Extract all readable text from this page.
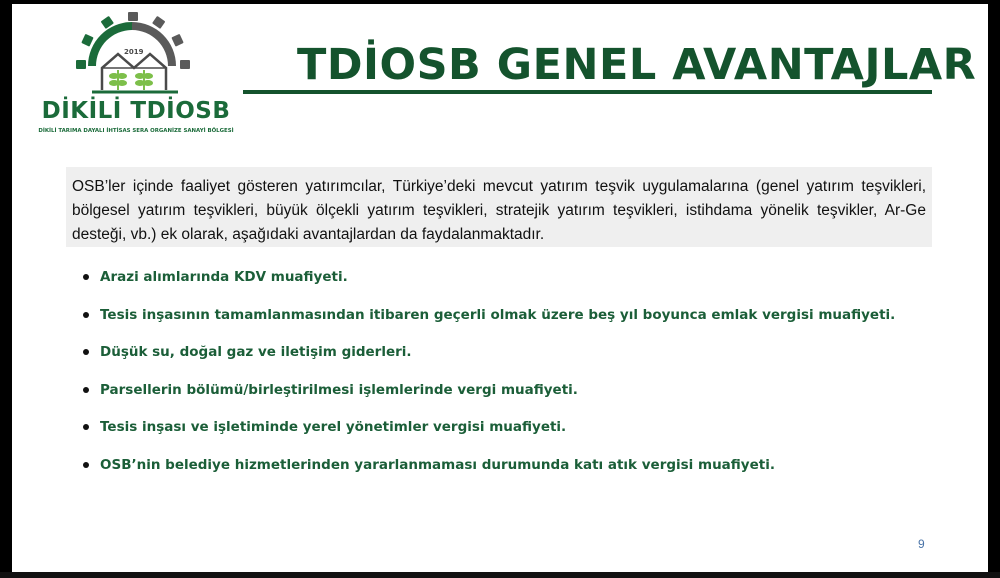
2019
DİKİLİ TDİOSB
DİKİLİ TARIMA DAYALI İHTİSAS SERA ORGANİZE SANAYİ BÖLGESİ
TDİOSB GENEL AVANTAJLAR

OSB’ler içinde faaliyet gösteren yatırımcılar, Türkiye’deki mevcut yatırım teşvik uygulamalarına (genel yatırım teşvikleri, bölgesel yatırım teşvikleri, büyük ölçekli yatırım teşvikleri, stratejik yatırım teşvikleri, istihdama yönelik teşvikler, Ar-Ge desteği, vb.) ek olarak, aşağıdaki avantajlardan da faydalanmaktadır.

Arazi alımlarında KDV muafiyeti.
Tesis inşasının tamamlanmasından itibaren geçerli olmak üzere beş yıl boyunca emlak vergisi muafiyeti.
Düşük su, doğal gaz ve iletişim giderleri.
Parsellerin bölümü/birleştirilmesi işlemlerinde vergi muafiyeti.
Tesis inşası ve işletiminde yerel yönetimler vergisi muafiyeti.
OSB’nin belediye hizmetlerinden yararlanmaması durumunda katı atık vergisi muafiyeti.
9
